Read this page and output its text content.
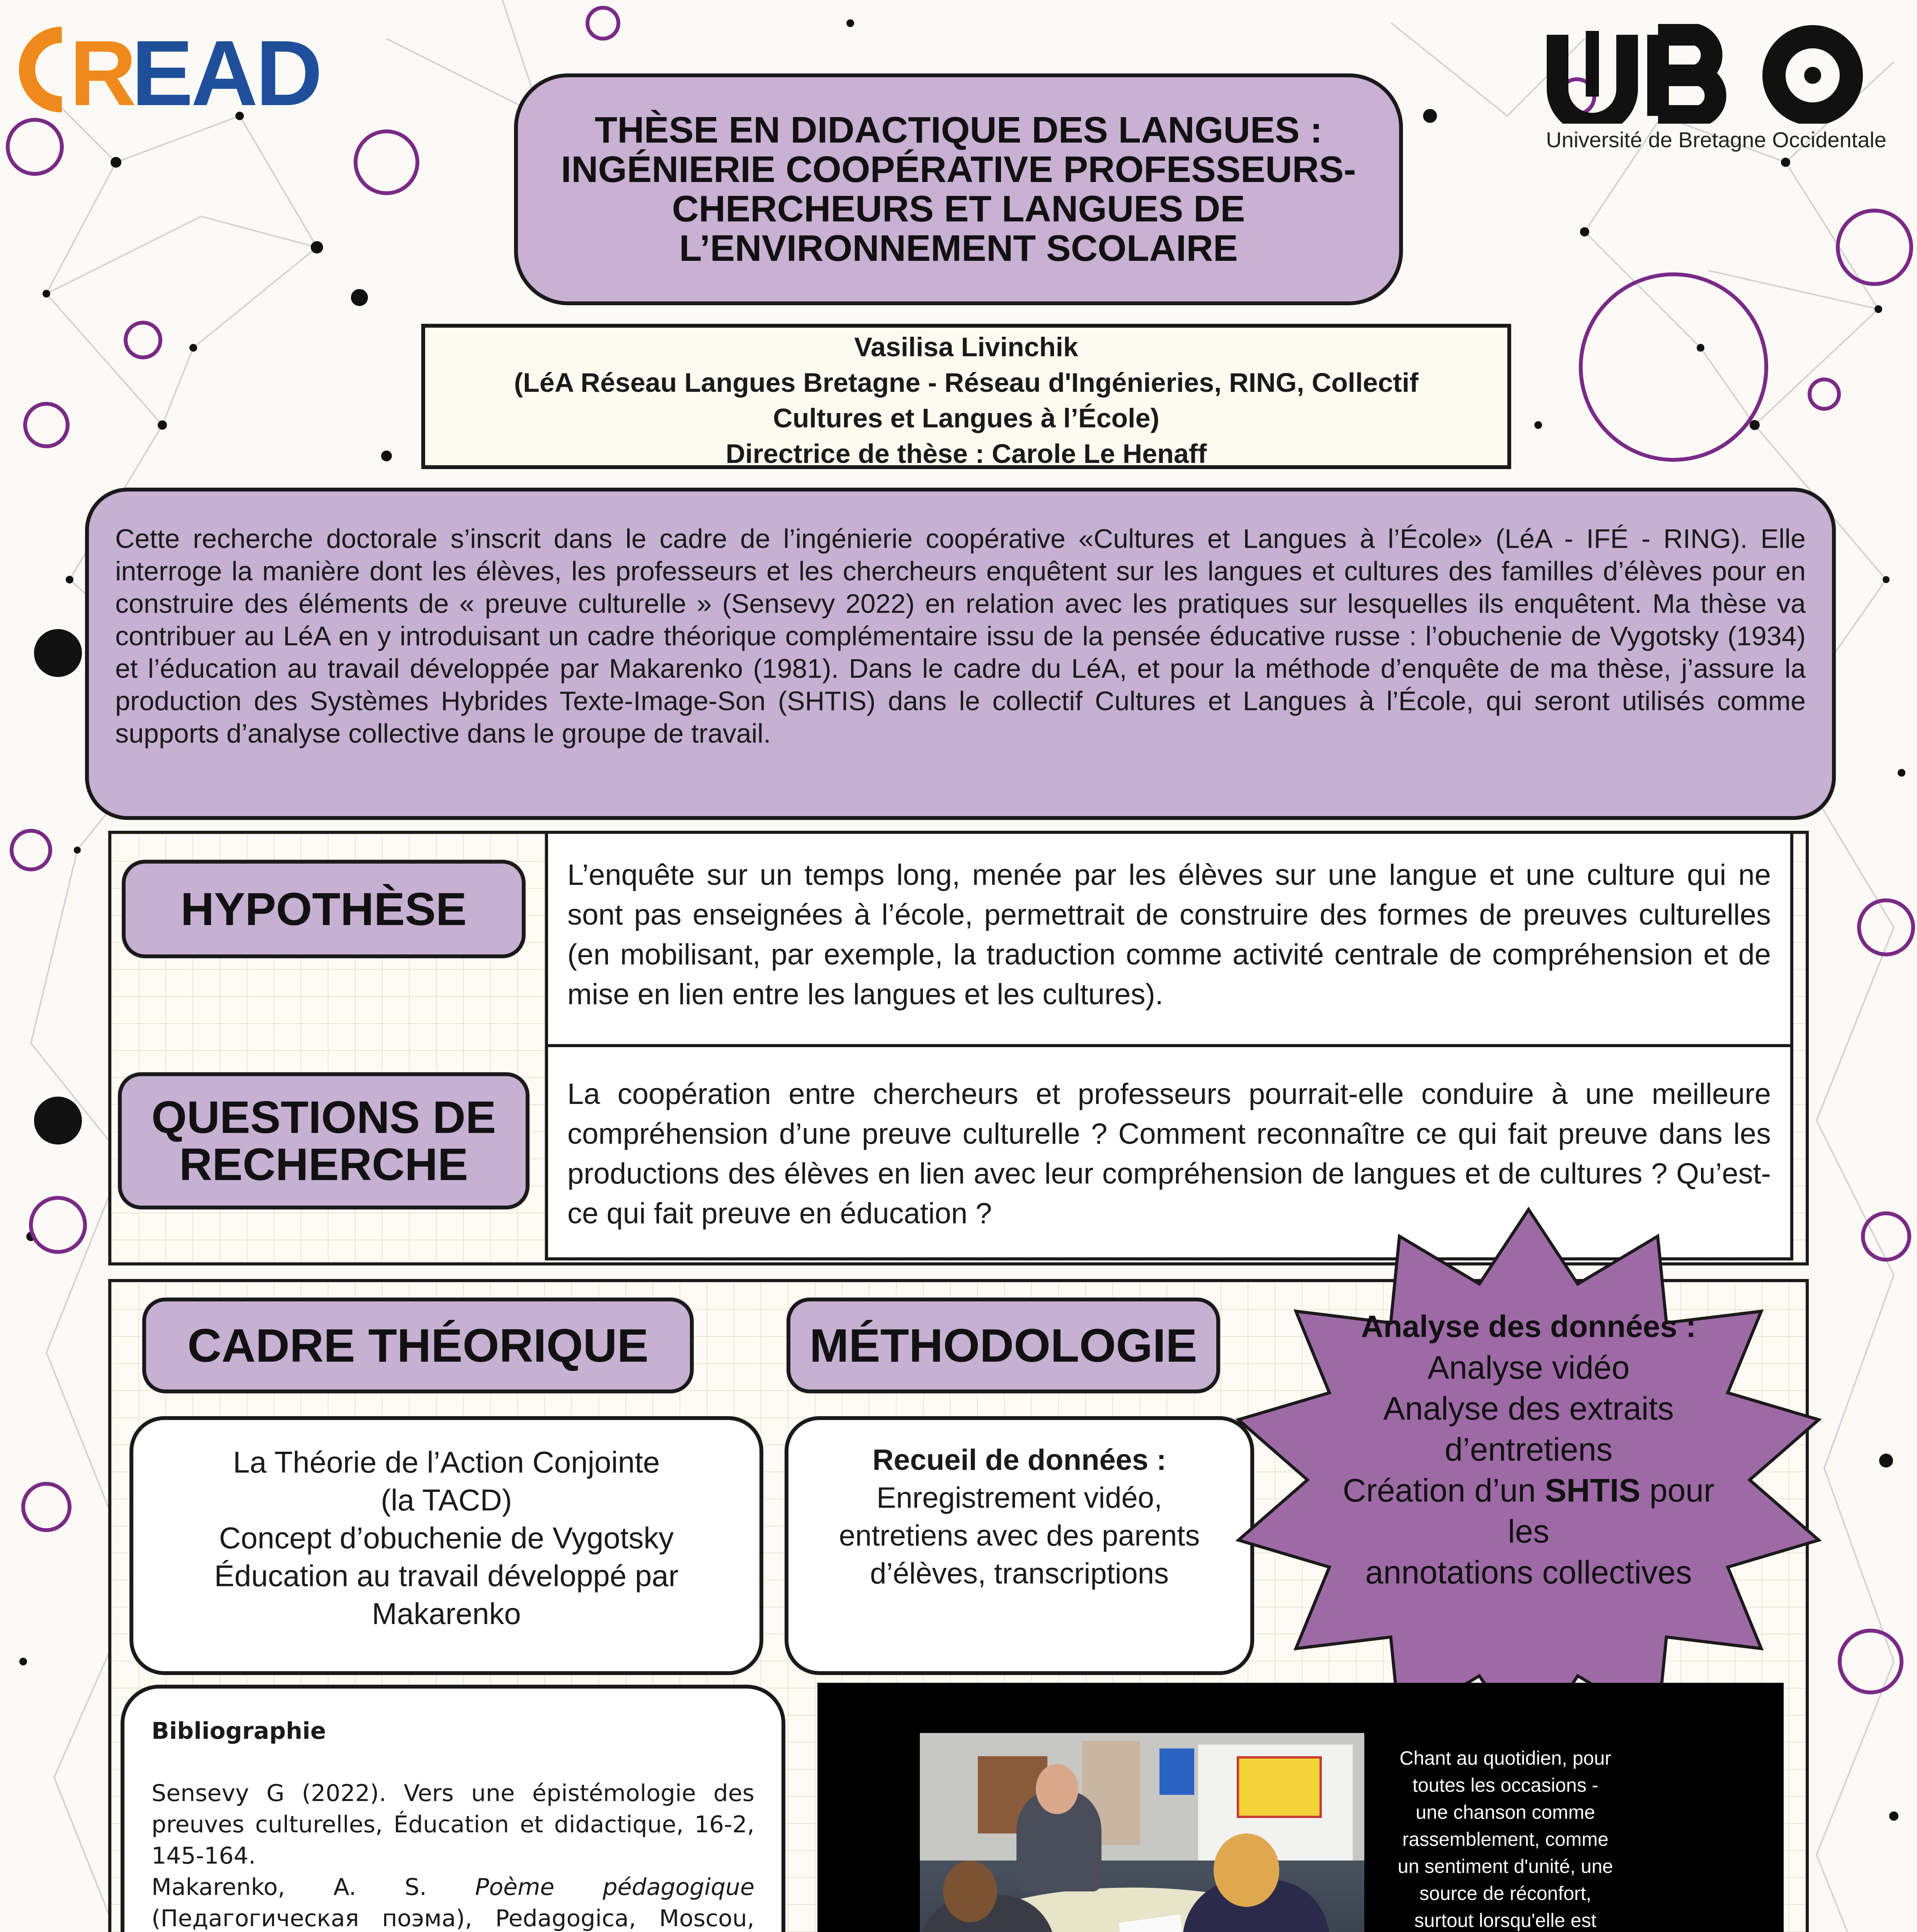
R
EAD
Université de Bretagne Occidentale
THÈSE EN DIDACTIQUE DES LANGUES : INGÉNIERIE COOPÉRATIVE PROFESSEURS-CHERCHEURS ET LANGUES DE L’ENVIRONNEMENT SCOLAIRE
Vasilisa Livinchik
(LéA Réseau Langues Bretagne - Réseau d'Ingénieries, RING, Collectif Cultures et Langues à l’École)
Directrice de thèse : Carole Le Henaff
Cette recherche doctorale s’inscrit dans le cadre de l’ingénierie coopérative «Cultures et Langues à l’École» (LéA - IFÉ - RING). Elle interroge la manière dont les élèves, les professeurs et les chercheurs enquêtent sur les langues et cultures des familles d’élèves pour en construire des éléments de « preuve culturelle » (Sensevy 2022) en relation avec les pratiques sur lesquelles ils enquêtent. Ma thèse va contribuer au LéA en y introduisant un cadre théorique complémentaire issu de la pensée éducative russe : l’obuchenie de Vygotsky (1934) et l’éducation au travail développée par Makarenko (1981). Dans le cadre du LéA, et pour la méthode d’enquête de ma thèse, j’assure la production des Systèmes Hybrides Texte-Image-Son (SHTIS) dans le collectif Cultures et Langues à l’École, qui seront utilisés comme supports d’analyse collective dans le groupe de travail.
L’enquête sur un temps long, menée par les élèves sur une langue et une culture qui ne sont pas enseignées à l’école, permettrait de construire des formes de preuves culturelles (en mobilisant, par exemple, la traduction comme activité centrale de compréhension et de mise en lien entre les langues et les cultures).
La coopération entre chercheurs et professeurs pourrait-elle conduire à une meilleure compréhension d’une preuve culturelle ? Comment reconnaître ce qui fait preuve dans les productions des élèves en lien avec leur compréhension de langues et de cultures ? Qu’est-ce qui fait preuve en éducation ?
HYPOTHÈSE
QUESTIONS DE
RECHERCHE
CADRE THÉORIQUE	MÉTHODOLOGIE
La Théorie de l’Action Conjointe
(la TACD)
Concept d’obuchenie de Vygotsky
Éducation au travail développé par
Makarenko
Recueil de données :
Enregistrement vidéo,
entretiens avec des parents
d’élèves, transcriptions
Analyse des données :
Analyse vidéo
Analyse des extraits
d’entretiens
Création d’un SHTIS pour
les
annotations collectives
Bibliographie
Sensevy G (2022). Vers une épistémologie des preuves culturelles, Éducation et didactique, 16-2, 145-164.
Makarenko, A. S. Poème pédagogique (Педагогическая поэма), Pedagogica, Moscou,
Chant au quotidien, pour toutes les occasions - une chanson comme rassemblement, comme un sentiment d'unité, une source de réconfort, surtout lorsqu'elle est
